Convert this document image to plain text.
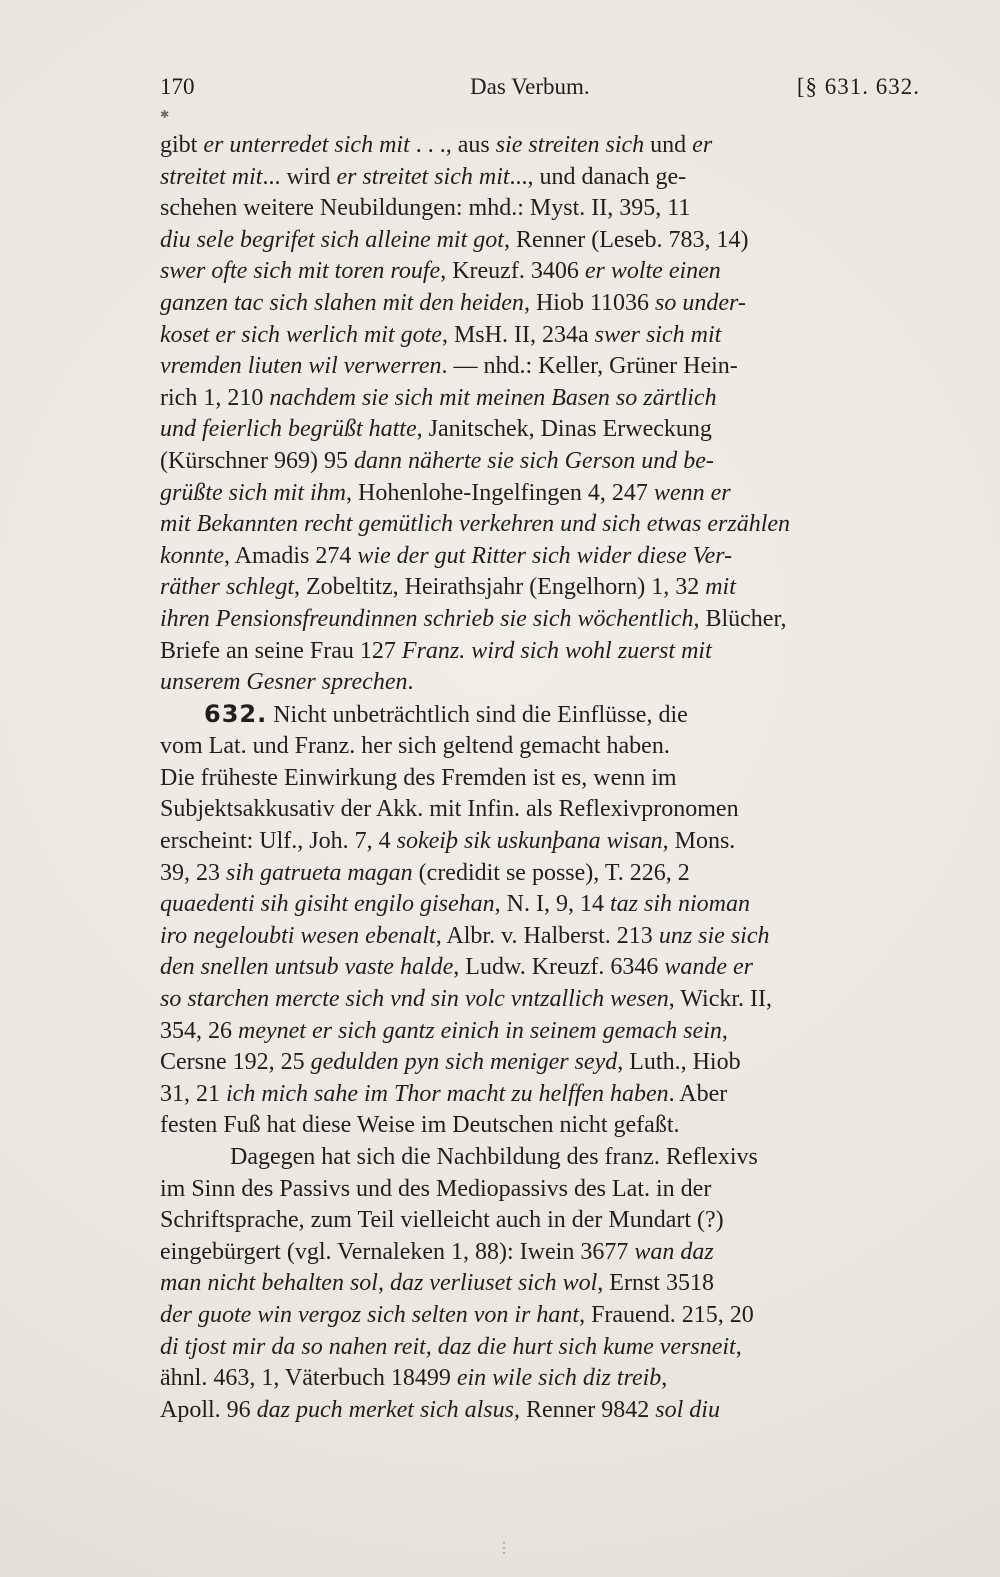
170	Das Verbum.	[§ 631. 632.
✱
gibt er unterredet sich mit . . ., aus sie streiten sich und er
streitet mit... wird er streitet sich mit..., und danach ge-
schehen weitere Neubildungen: mhd.: Myst. II, 395, 11
diu sele begrifet sich alleine mit got, Renner (Leseb. 783, 14)
swer ofte sich mit toren roufe, Kreuzf. 3406 er wolte einen
ganzen tac sich slahen mit den heiden, Hiob 11036 so under-
koset er sich werlich mit gote, MsH. II, 234a swer sich mit
vremden liuten wil verwerren. — nhd.: Keller, Grüner Hein-
rich 1, 210 nachdem sie sich mit meinen Basen so zärtlich
und feierlich begrüßt hatte, Janitschek, Dinas Erweckung
(Kürschner 969) 95 dann näherte sie sich Gerson und be-
grüßte sich mit ihm, Hohenlohe-Ingelfingen 4, 247 wenn er
mit Bekannten recht gemütlich verkehren und sich etwas erzählen
konnte, Amadis 274 wie der gut Ritter sich wider diese Ver-
räther schlegt, Zobeltitz, Heirathsjahr (Engelhorn) 1, 32 mit
ihren Pensionsfreundinnen schrieb sie sich wöchentlich, Blücher,
Briefe an seine Frau 127 Franz. wird sich wohl zuerst mit
unserem Gesner sprechen.
632. Nicht unbeträchtlich sind die Einflüsse, die
vom Lat. und Franz. her sich geltend gemacht haben.
Die früheste Einwirkung des Fremden ist es, wenn im
Subjektsakkusativ der Akk. mit Infin. als Reflexivpronomen
erscheint: Ulf., Joh. 7, 4 sokeiþ sik uskunþana wisan, Mons.
39, 23 sih gatrueta magan (credidit se posse), T. 226, 2
quaedenti sih gisiht engilo gisehan, N. I, 9, 14 taz sih nioman
iro negeloubti wesen ebenalt, Albr. v. Halberst. 213 unz sie sich
den snellen untsub vaste halde, Ludw. Kreuzf. 6346 wande er
so starchen mercte sich vnd sin volc vntzallich wesen, Wickr. II,
354, 26 meynet er sich gantz einich in seinem gemach sein,
Cersne 192, 25 geduldеn pyn sich meniger seyd, Luth., Hiob
31, 21 ich mich sahe im Thor macht zu helffen haben. Aber
festen Fuß hat diese Weise im Deutschen nicht gefaßt.
Dagegen hat sich die Nachbildung des franz. Reflexivs
im Sinn des Passivs und des Mediopassivs des Lat. in der
Schriftsprache, zum Teil vielleicht auch in der Mundart (?)
eingebürgert (vgl. Vernaleken 1, 88): Iwein 3677 wan daz
man nicht behalten sol, daz verliuset sich wol, Ernst 3518
der guote win vergoz sich selten von ir hant, Frauend. 215, 20
di tjost mir da so nahen reit, daz die hurt sich kume versneit,
ähnl. 463, 1, Väterbuch 18499 ein wile sich diz treib,
Apoll. 96 daz puch merket sich alsus, Renner 9842 sol diu
⋮
